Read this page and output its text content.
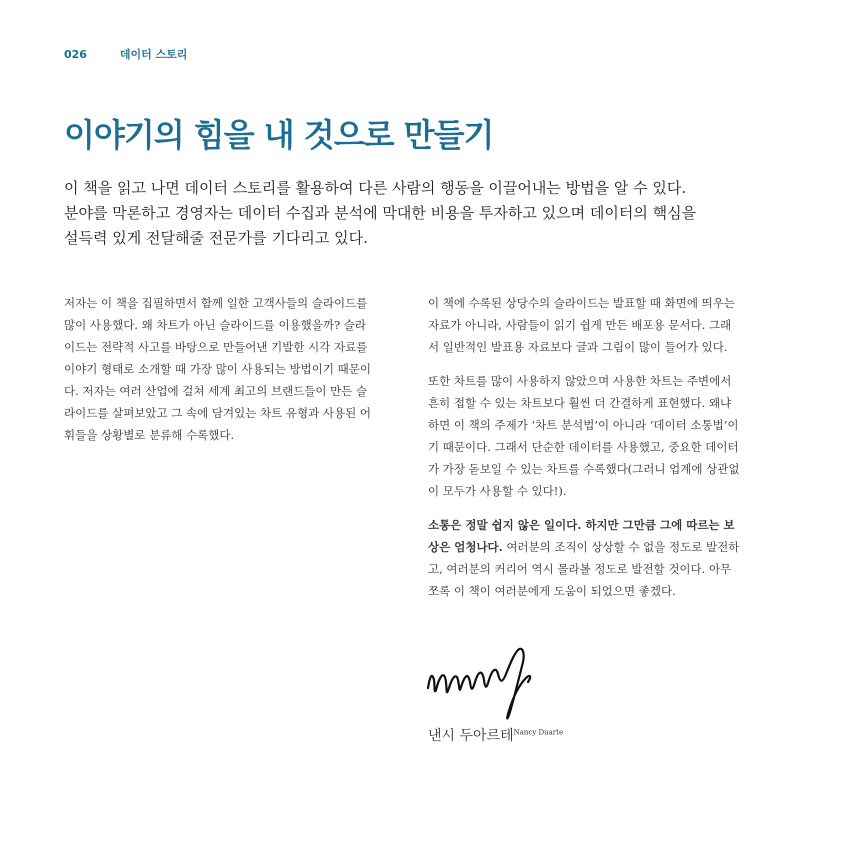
026	데이터 스토리
이야기의 힘을 내 것으로 만들기
이 책을 읽고 나면 데이터 스토리를 활용하여 다른 사람의 행동을 이끌어내는 방법을 알 수 있다.
분야를 막론하고 경영자는 데이터 수집과 분석에 막대한 비용을 투자하고 있으며 데이터의 핵심을
설득력 있게 전달해줄 전문가를 기다리고 있다.

저자는 이 책을 집필하면서 함께 일한 고객사들의 슬라이드를
많이 사용했다. 왜 차트가 아닌 슬라이드를 이용했을까? 슬라
이드는 전략적 사고를 바탕으로 만들어낸 기발한 시각 자료를
이야기 형태로 소개할 때 가장 많이 사용되는 방법이기 때문이
다. 저자는 여러 산업에 걸쳐 세계 최고의 브랜드들이 만든 슬
라이드를 살펴보았고 그 속에 담겨있는 차트 유형과 사용된 어
휘들을 상황별로 분류해 수록했다.

이 책에 수록된 상당수의 슬라이드는 발표할 때 화면에 띄우는
자료가 아니라, 사람들이 읽기 쉽게 만든 배포용 문서다. 그래
서 일반적인 발표용 자료보다 글과 그림이 많이 들어가 있다.

또한 차트를 많이 사용하지 않았으며 사용한 차트는 주변에서
흔히 접할 수 있는 차트보다 훨씬 더 간결하게 표현했다. 왜냐
하면 이 책의 주제가 ‘차트 분석법’이 아니라 ‘데이터 소통법’이
기 때문이다. 그래서 단순한 데이터를 사용했고, 중요한 데이터
가 가장 돋보일 수 있는 차트를 수록했다(그러니 업계에 상관없
이 모두가 사용할 수 있다!).

소통은 정말 쉽지 않은 일이다. 하지만 그만큼 그에 따르는 보
상은 엄청나다. 여러분의 조직이 상상할 수 없을 정도로 발전하
고, 여러분의 커리어 역시 몰라볼 정도로 발전할 것이다. 아무
쪼록 이 책이 여러분에게 도움이 되었으면 좋겠다.

낸시 두아르테$^{Nancy Duarte}$
